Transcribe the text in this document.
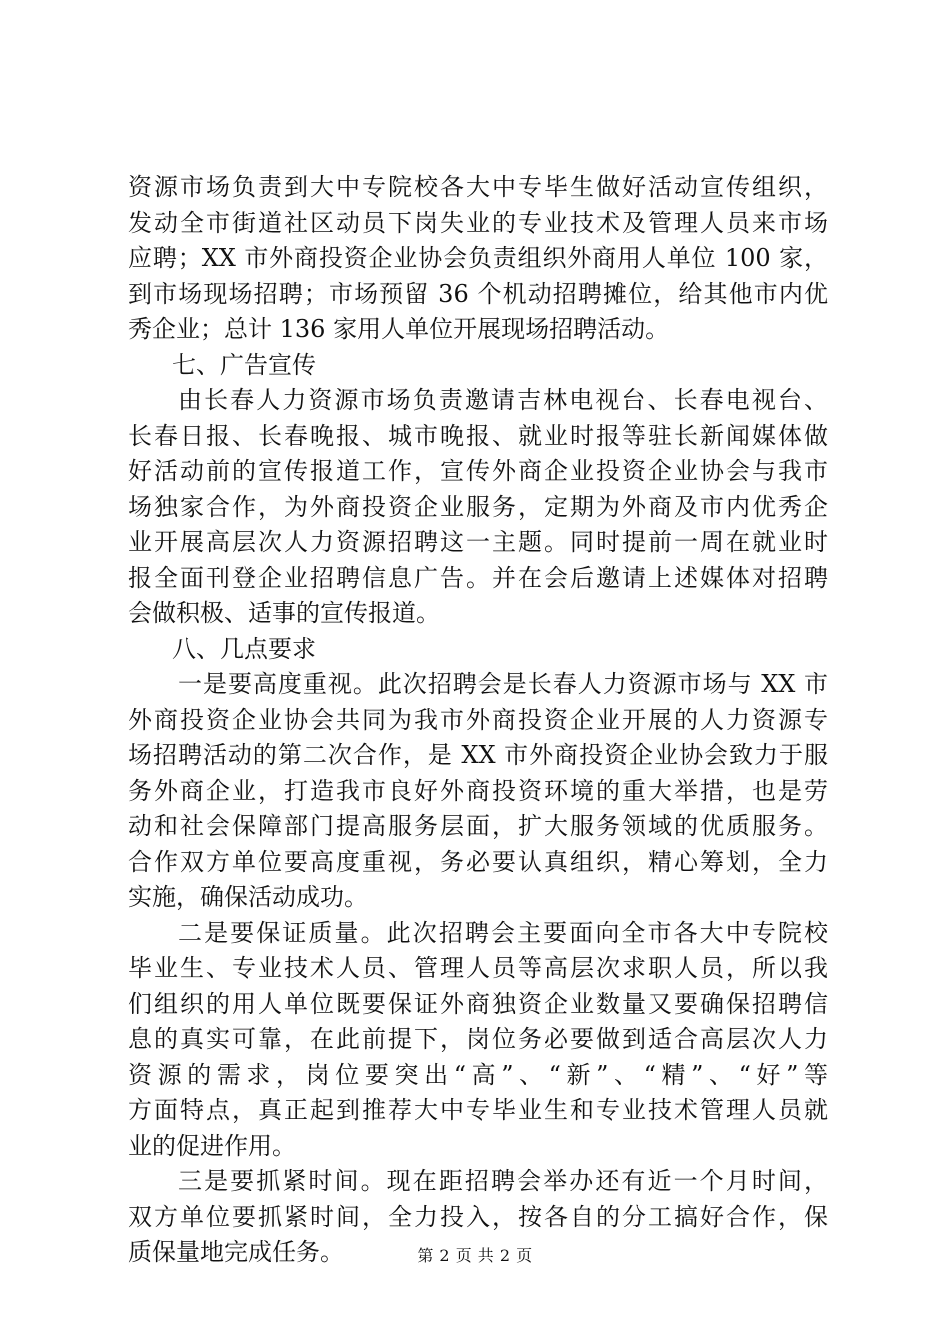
资源市场负责到大中专院校各大中专毕生做好活动宣传组织，
发动全市街道社区动员下岗失业的专业技术及管理人员来市场
应聘；XX 市外商投资企业协会负责组织外商用人单位 100 家，
到市场现场招聘；市场预留 36 个机动招聘摊位，给其他市内优
秀企业；总计 136 家用人单位开展现场招聘活动。
七、广告宣传
由长春人力资源市场负责邀请吉林电视台、长春电视台、
长春日报、长春晚报、城市晚报、就业时报等驻长新闻媒体做
好活动前的宣传报道工作，宣传外商企业投资企业协会与我市
场独家合作，为外商投资企业服务，定期为外商及市内优秀企
业开展高层次人力资源招聘这一主题。同时提前一周在就业时
报全面刊登企业招聘信息广告。并在会后邀请上述媒体对招聘
会做积极、适事的宣传报道。
八、几点要求
一是要高度重视。此次招聘会是长春人力资源市场与 XX 市
外商投资企业协会共同为我市外商投资企业开展的人力资源专
场招聘活动的第二次合作，是 XX 市外商投资企业协会致力于服
务外商企业，打造我市良好外商投资环境的重大举措，也是劳
动和社会保障部门提高服务层面，扩大服务领域的优质服务。
合作双方单位要高度重视，务必要认真组织，精心筹划，全力
实施，确保活动成功。
二是要保证质量。此次招聘会主要面向全市各大中专院校
毕业生、专业技术人员、管理人员等高层次求职人员，所以我
们组织的用人单位既要保证外商独资企业数量又要确保招聘信
息的真实可靠，在此前提下，岗位务必要做到适合高层次人力
资源的需求，岗位要突出“高”、“新”、“精”、“好”等
方面特点，真正起到推荐大中专毕业生和专业技术管理人员就
业的促进作用。
三是要抓紧时间。现在距招聘会举办还有近一个月时间，
双方单位要抓紧时间，全力投入，按各自的分工搞好合作，保
质保量地完成任务。	第 2 页 共 2 页
